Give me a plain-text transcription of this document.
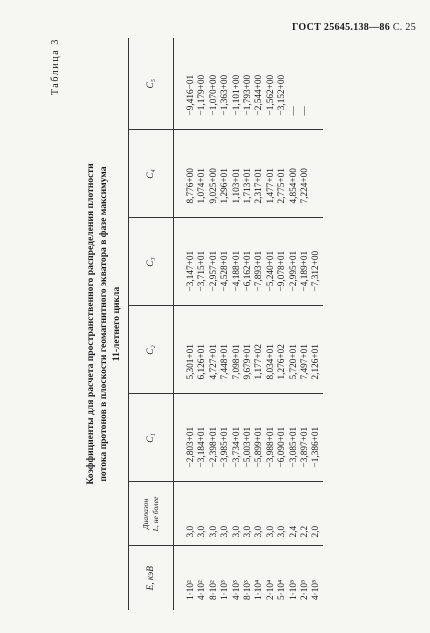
ГОСТ 25645.138—86 С. 25
Таблица 3
Коэффициенты для расчета пространственного распределения плотности потока протонов в плоскости геомагнитного экватора в фазе максимума 11-летнего цикла
E, кэВ	Диапазон L, не более	C₁	C₂	C₃	C₄	C₅
1·10²	3,0	−2,803+01	5,301+01	−3,147+01	8,776+00	−9,416−01
4·10²	3,0	−3,184+01	6,126+01	−3,715+01	1,074+01	−1,179+00
8·10²	3,0	−2,398+01	4,727+01	−2,957+01	9,025+00	−1,070+00
1·10³	3,0	−3,985+01	7,448+01	−4,528+01	1,296+01	−1,363+00
4·10³	3,0	−3,734+01	7,098+01	−4,188+01	1,103+01	−1,101+00
8·10³	3,0	−5,003+01	9,679+01	−6,162+01	1,713+01	−1,793+00
1·10⁴	3,0	−5,899+01	1,177+02	−7,893+01	2,317+01	−2,544+00
2·10⁴	3,0	−3,988+01	8,034+01	−5,240+01	1,477+01	−1,562+00
5·10⁴	3,0	−6,090+01	1,276+02	−9,078+01	2,775+01	−3,152+00
1·10⁵	2,4	−3,085+01	5,720+01	−2,995+01	4,854+00	—
2·10⁵	2,2	−3,897+01	7,497+01	−4,189+01	7,224+00	—
4·10⁵	2,0	−1,386+01	2,126+01	−7,312+00		
